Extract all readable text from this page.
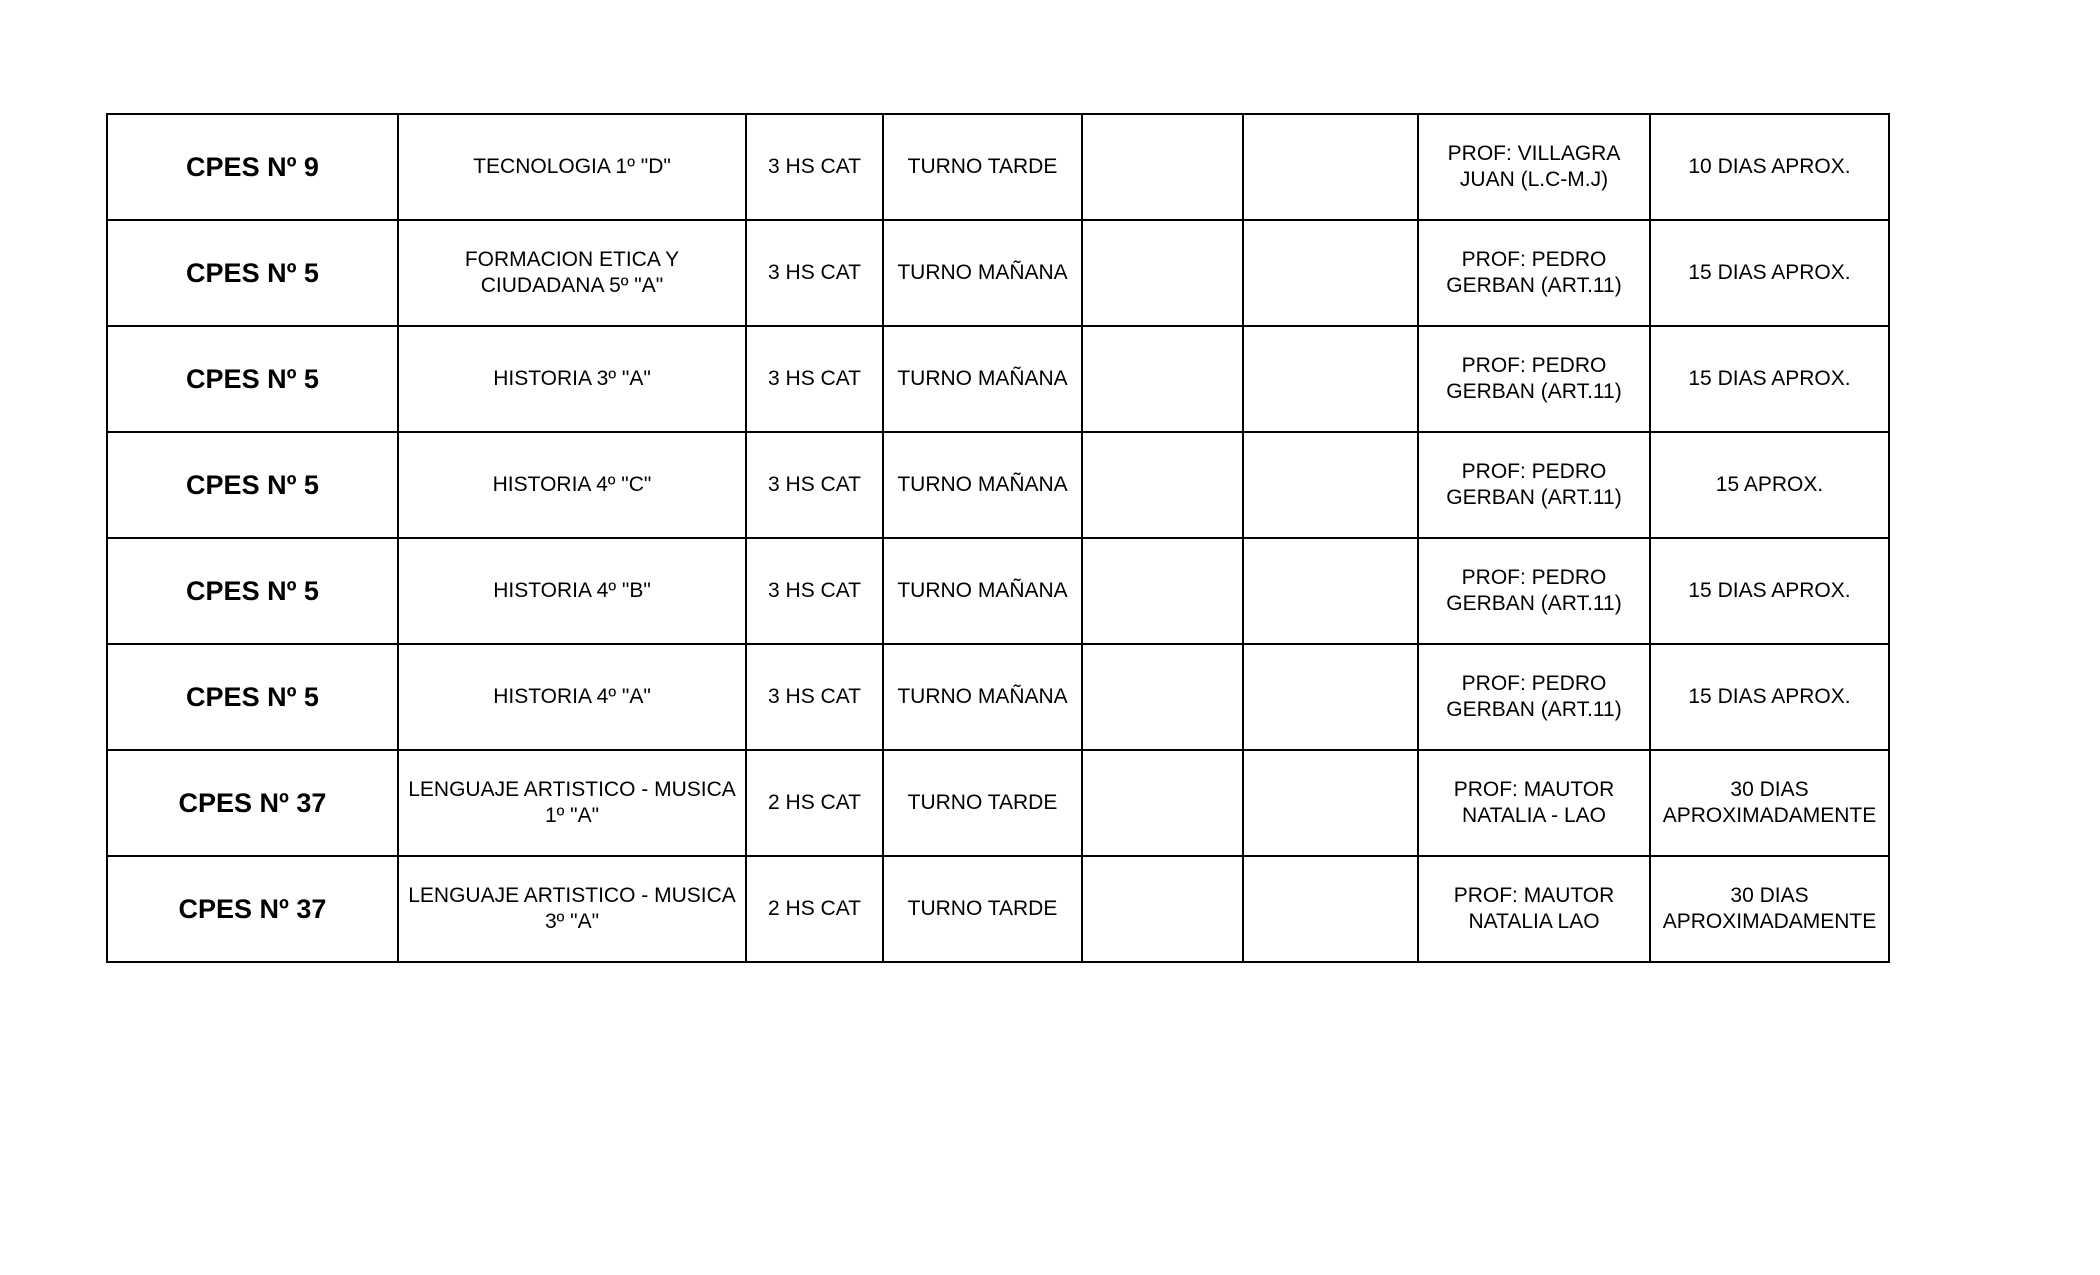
CPES Nº 9	TECNOLOGIA 1º "D"	3 HS CAT	TURNO TARDE			PROF: VILLAGRA
JUAN (L.C-M.J)	10 DIAS APROX.
CPES Nº 5	FORMACION ETICA Y
CIUDADANA 5º "A"	3 HS CAT	TURNO MAÑANA			PROF: PEDRO
GERBAN (ART.11)	15 DIAS APROX.
CPES Nº 5	HISTORIA 3º "A"	3 HS CAT	TURNO MAÑANA			PROF: PEDRO
GERBAN (ART.11)	15 DIAS APROX.
CPES Nº 5	HISTORIA 4º "C"	3 HS CAT	TURNO MAÑANA			PROF: PEDRO
GERBAN (ART.11)	15 APROX.
CPES Nº 5	HISTORIA 4º "B"	3 HS CAT	TURNO MAÑANA			PROF: PEDRO
GERBAN (ART.11)	15 DIAS APROX.
CPES Nº 5	HISTORIA 4º "A"	3 HS CAT	TURNO MAÑANA			PROF: PEDRO
GERBAN (ART.11)	15 DIAS APROX.
CPES Nº 37	LENGUAJE ARTISTICO - MUSICA
1º "A"	2 HS CAT	TURNO TARDE			PROF: MAUTOR
NATALIA - LAO	30 DIAS
APROXIMADAMENTE
CPES Nº 37	LENGUAJE ARTISTICO - MUSICA
3º "A"	2 HS CAT	TURNO TARDE			PROF: MAUTOR
NATALIA LAO	30 DIAS
APROXIMADAMENTE
